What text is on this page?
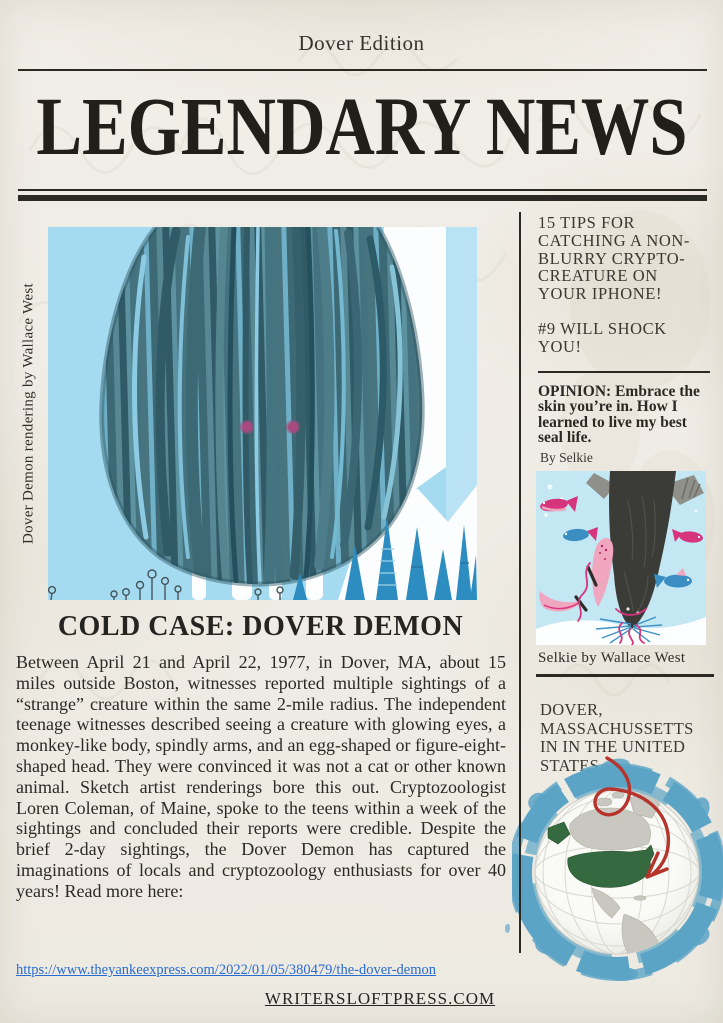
Dover Edition
LEGENDARY NEWS
Dover Demon rendering by Wallace West
COLD CASE: DOVER DEMON

Between April 21 and April 22, 1977, in Dover, MA, about 15 miles outside Boston, witnesses reported multiple sightings of a “strange” creature within the same 2-mile radius. The independent teenage witnesses described seeing a creature with glowing eyes, a monkey-like body, spindly arms, and an egg-shaped or figure-eight-shaped head. They were convinced it was not a cat or other known animal. Sketch artist renderings bore this out. Cryptozoologist Loren Coleman, of Maine, spoke to the teens within a week of the sightings and concluded their reports were credible. Despite the brief 2-day sightings, the Dover Demon has captured the imaginations of locals and cryptozoology enthusiasts for over 40 years! Read more here:

https://www.theyankeexpress.com/2022/01/05/380479/the-dover-demon
15 TIPS FOR CATCHING A NON-BLURRY CRYPTO-CREATURE ON YOUR IPHONE!
#9 WILL SHOCK YOU!
OPINION: Embrace the skin you’re in. How I learned to live my best seal life.
By Selkie
Selkie by Wallace West
DOVER, MASSACHUSSETTS IN IN THE UNITED STATES
WRITERSLOFTPRESS.COM
